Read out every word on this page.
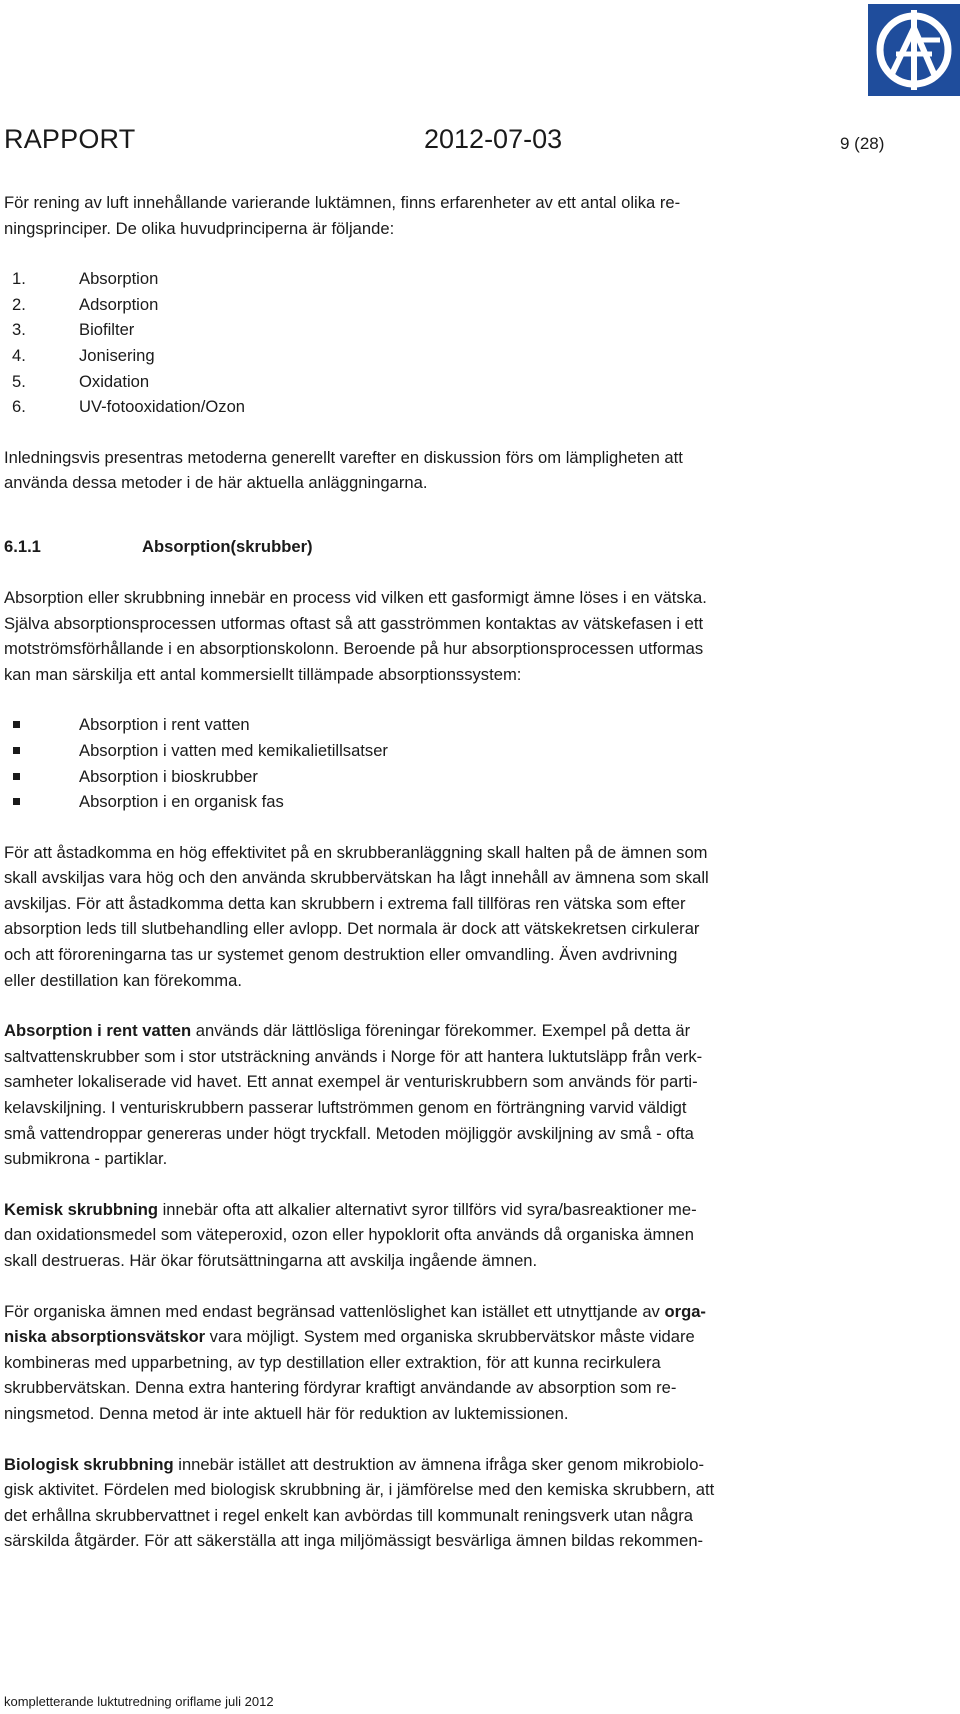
RAPPORT	2012-07-03	9 (28)

För rening av luft innehållande varierande luktämnen, finns erfarenheter av ett antal olika re-
ningsprinciper. De olika huvudprinciperna är följande:

1.	Absorption
2.	Adsorption
3.	Biofilter
4.	Jonisering
5.	Oxidation
6.	UV-fotooxidation/Ozon

Inledningsvis presentras metoderna generellt varefter en diskussion förs om lämpligheten att
använda dessa metoder i de här aktuella anläggningarna.

6.1.1	Absorption(skrubber)

Absorption eller skrubbning innebär en process vid vilken ett gasformigt ämne löses i en vätska.
Själva absorptionsprocessen utformas oftast så att gasströmmen kontaktas av vätskefasen i ett
motströmsförhållande i en absorptionskolonn. Beroende på hur absorptionsprocessen utformas
kan man särskilja ett antal kommersiellt tillämpade absorptionssystem:

Absorption i rent vatten
Absorption i vatten med kemikalietillsatser
Absorption i bioskrubber
Absorption i en organisk fas

För att åstadkomma en hög effektivitet på en skrubberanläggning skall halten på de ämnen som
skall avskiljas vara hög och den använda skrubbervätskan ha lågt innehåll av ämnena som skall
avskiljas. För att åstadkomma detta kan skrubbern i extrema fall tillföras ren vätska som efter
absorption leds till slutbehandling eller avlopp. Det normala är dock att vätskekretsen cirkulerar
och att föroreningarna tas ur systemet genom destruktion eller omvandling. Även avdrivning
eller destillation kan förekomma.

Absorption i rent vatten används där lättlösliga föreningar förekommer. Exempel på detta är
saltvattenskrubber som i stor utsträckning används i Norge för att hantera luktutsläpp från verk-
samheter lokaliserade vid havet. Ett annat exempel är venturiskrubbern som används för parti-
kelavskiljning. I venturiskrubbern passerar luftströmmen genom en förträngning varvid väldigt
små vattendroppar genereras under högt tryckfall. Metoden möjliggör avskiljning av små - ofta
submikrona - partiklar.

Kemisk skrubbning innebär ofta att alkalier alternativt syror tillförs vid syra/basreaktioner me-
dan oxidationsmedel som väteperoxid, ozon eller hypoklorit ofta används då organiska ämnen
skall destrueras. Här ökar förutsättningarna att avskilja ingående ämnen.

För organiska ämnen med endast begränsad vattenlöslighet kan istället ett utnyttjande av orga-
niska absorptionsvätskor vara möjligt. System med organiska skrubbervätskor måste vidare
kombineras med upparbetning, av typ destillation eller extraktion, för att kunna recirkulera
skrubbervätskan. Denna extra hantering fördyrar kraftigt användande av absorption som re-
ningsmetod. Denna metod är inte aktuell här för reduktion av luktemissionen.

Biologisk skrubbning innebär istället att destruktion av ämnena ifråga sker genom mikrobiolo-
gisk aktivitet. Fördelen med biologisk skrubbning är, i jämförelse med den kemiska skrubbern, att
det erhållna skrubbervattnet i regel enkelt kan avbördas till kommunalt reningsverk utan några
särskilda åtgärder. För att säkerställa att inga miljömässigt besvärliga ämnen bildas rekommen-

kompletterande luktutredning oriflame juli 2012
